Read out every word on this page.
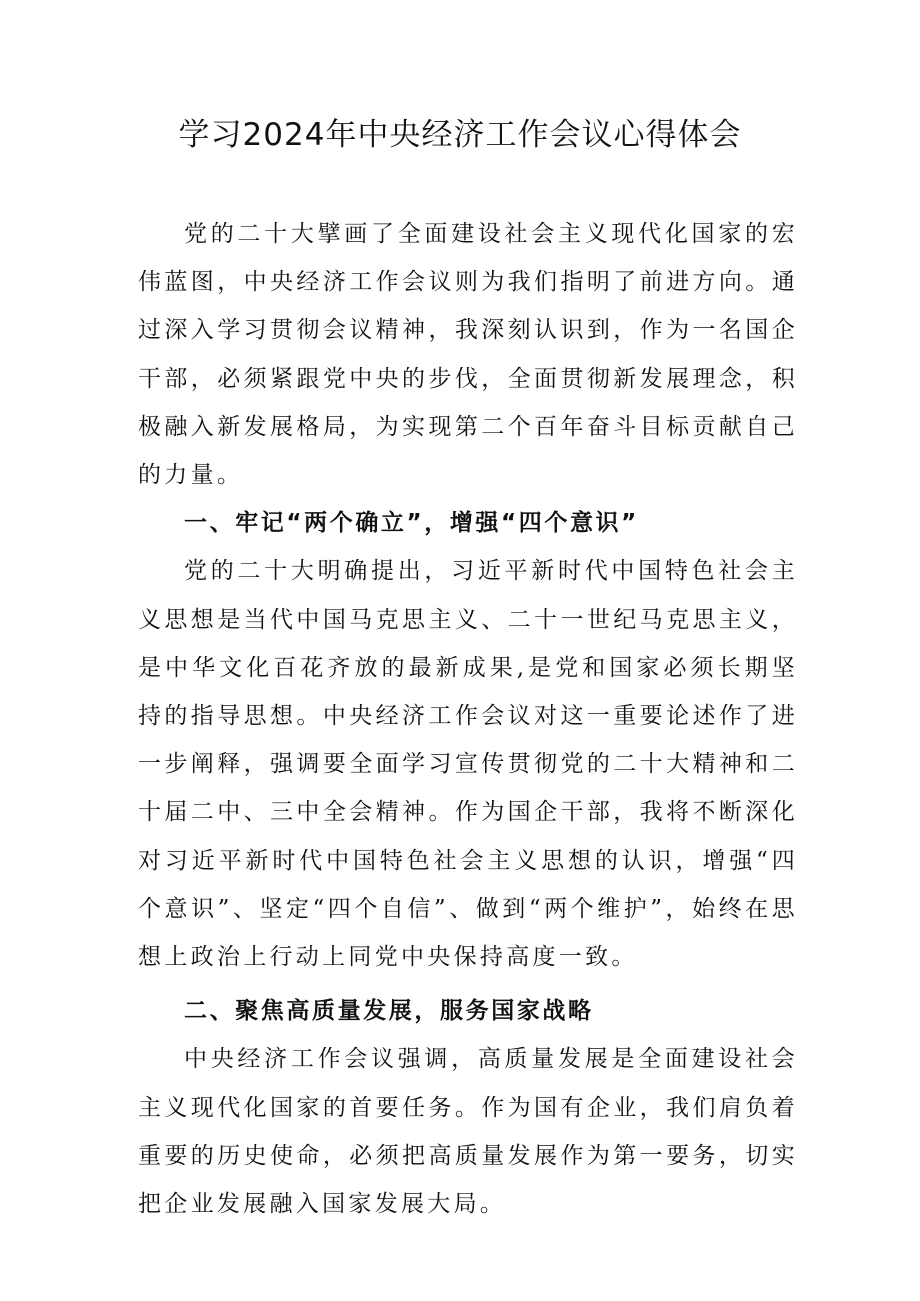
学习2024年中央经济工作会议心得体会

党的二十大擘画了全面建设社会主义现代化国家的宏伟蓝图，中央经济工作会议则为我们指明了前进方向。通过深入学习贯彻会议精神，我深刻认识到，作为一名国企干部，必须紧跟党中央的步伐，全面贯彻新发展理念，积极融入新发展格局，为实现第二个百年奋斗目标贡献自己的力量。

一、牢记“两个确立”，增强“四个意识”

党的二十大明确提出，习近平新时代中国特色社会主义思想是当代中国马克思主义、二十一世纪马克思主义，是中华文化百花齐放的最新成果,是党和国家必须长期坚持的指导思想。中央经济工作会议对这一重要论述作了进一步阐释，强调要全面学习宣传贯彻党的二十大精神和二十届二中、三中全会精神。作为国企干部，我将不断深化对习近平新时代中国特色社会主义思想的认识，增强“四个意识”、坚定“四个自信”、做到“两个维护”，始终在思想上政治上行动上同党中央保持高度一致。

二、聚焦高质量发展，服务国家战略

中央经济工作会议强调，高质量发展是全面建设社会主义现代化国家的首要任务。作为国有企业，我们肩负着重要的历史使命，必须把高质量发展作为第一要务，切实把企业发展融入国家发展大局。
